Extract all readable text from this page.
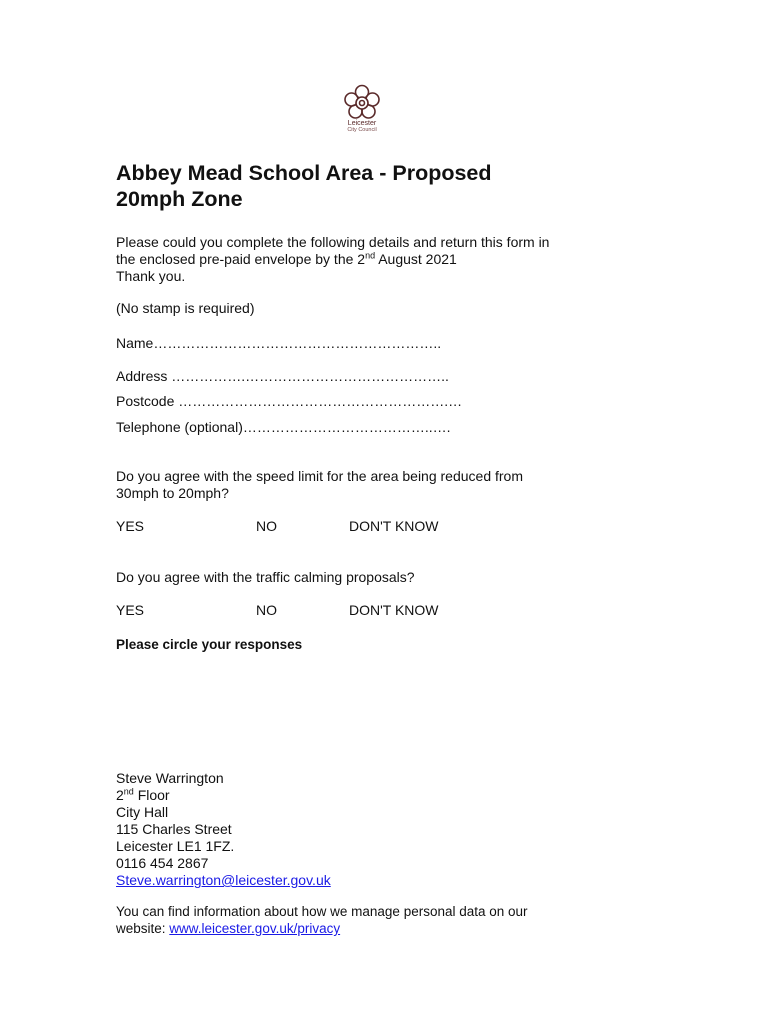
Leicester
City Council
Abbey Mead School Area - Proposed
20mph Zone
Please could you complete the following details and return this form in
the enclosed pre-paid envelope by the 2nd August 2021
Thank you.
(No stamp is required)
Name……………………………………………………..
Address …………….……………………………………..
Postcode ………………………………………………….…
Telephone (optional)…………………………………..….
Do you agree with the speed limit for the area being reduced from
30mph to 20mph?
YES	NO	DON'T KNOW
Do you agree with the traffic calming proposals?
YES	NO	DON'T KNOW
Please circle your responses
Steve Warrington
2nd Floor
City Hall
115 Charles Street
Leicester LE1 1FZ.
0116 454 2867
Steve.warrington@leicester.gov.uk
You can find information about how we manage personal data on our
website: www.leicester.gov.uk/privacy
